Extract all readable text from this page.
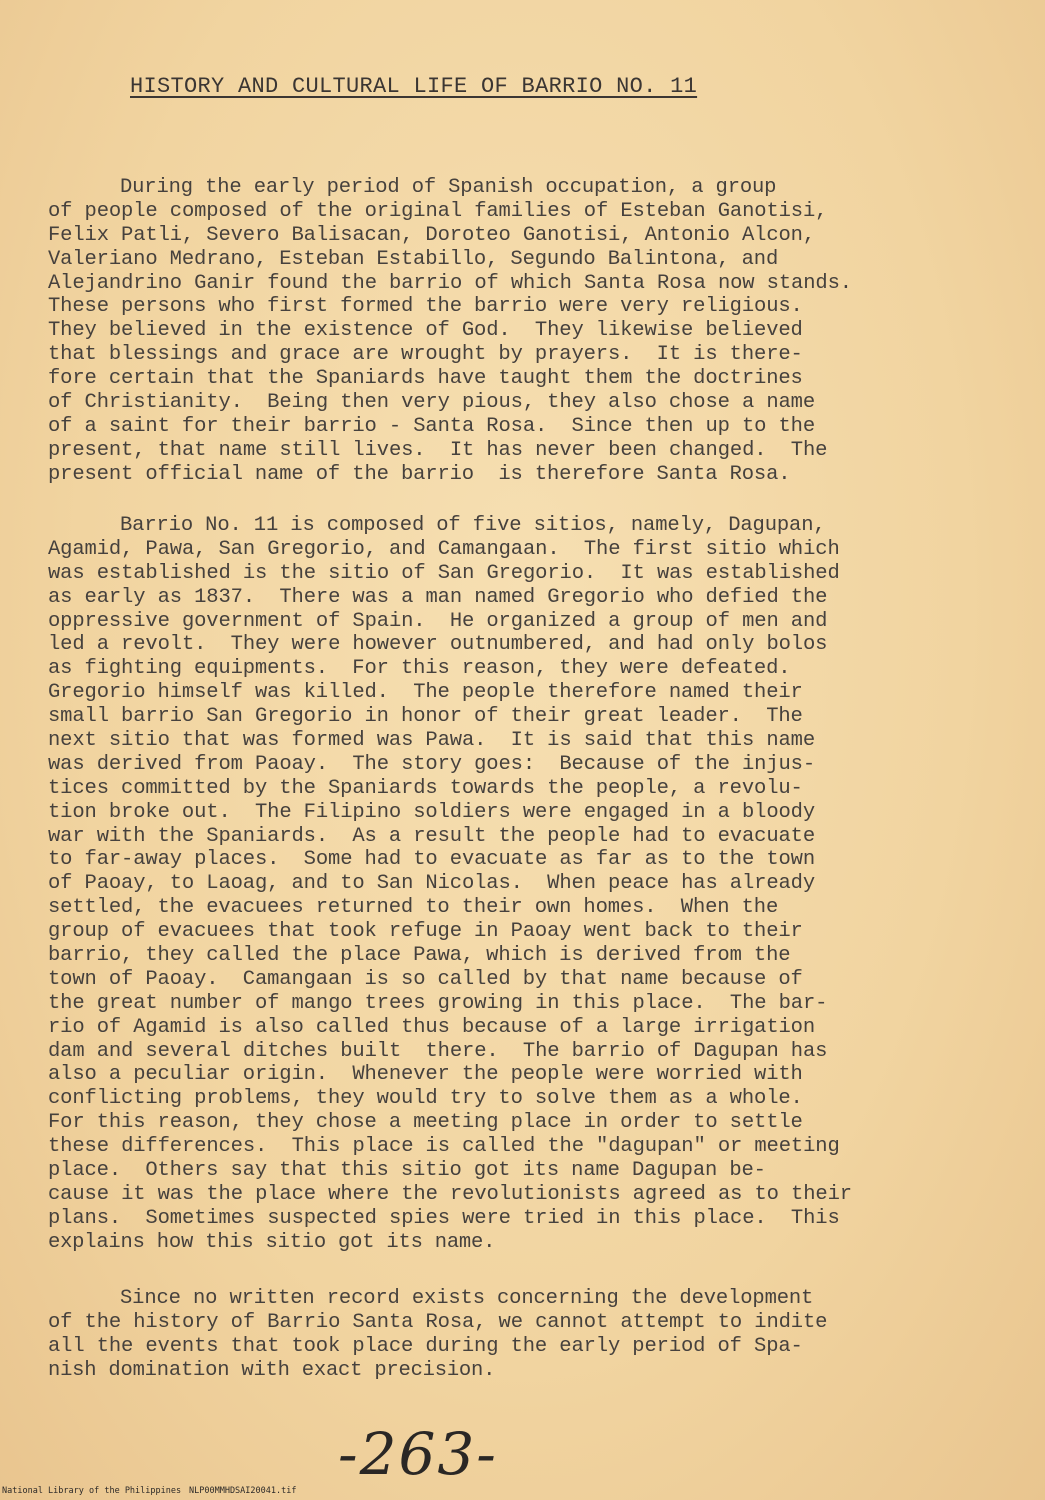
HISTORY AND CULTURAL LIFE OF BARRIO NO. 11
During the early period of Spanish occupation, a group
of people composed of the original families of Esteban Ganotisi,
Felix Patli, Severo Balisacan, Doroteo Ganotisi, Antonio Alcon,
Valeriano Medrano, Esteban Estabillo, Segundo Balintona, and
Alejandrino Ganir found the barrio of which Santa Rosa now stands.
These persons who first formed the barrio were very religious.
They believed in the existence of God.  They likewise believed
that blessings and grace are wrought by prayers.  It is there-
fore certain that the Spaniards have taught them the doctrines
of Christianity.  Being then very pious, they also chose a name
of a saint for their barrio - Santa Rosa.  Since then up to the
present, that name still lives.  It has never been changed.  The
present official name of the barrio  is therefore Santa Rosa.
Barrio No. 11 is composed of five sitios, namely, Dagupan,
Agamid, Pawa, San Gregorio, and Camangaan.  The first sitio which
was established is the sitio of San Gregorio.  It was established
as early as 1837.  There was a man named Gregorio who defied the
oppressive government of Spain.  He organized a group of men and
led a revolt.  They were however outnumbered, and had only bolos
as fighting equipments.  For this reason, they were defeated.
Gregorio himself was killed.  The people therefore named their
small barrio San Gregorio in honor of their great leader.  The
next sitio that was formed was Pawa.  It is said that this name
was derived from Paoay.  The story goes:  Because of the injus-
tices committed by the Spaniards towards the people, a revolu-
tion broke out.  The Filipino soldiers were engaged in a bloody
war with the Spaniards.  As a result the people had to evacuate
to far-away places.  Some had to evacuate as far as to the town
of Paoay, to Laoag, and to San Nicolas.  When peace has already
settled, the evacuees returned to their own homes.  When the
group of evacuees that took refuge in Paoay went back to their
barrio, they called the place Pawa, which is derived from the
town of Paoay.  Camangaan is so called by that name because of
the great number of mango trees growing in this place.  The bar-
rio of Agamid is also called thus because of a large irrigation
dam and several ditches built  there.  The barrio of Dagupan has
also a peculiar origin.  Whenever the people were worried with
conflicting problems, they would try to solve them as a whole.
For this reason, they chose a meeting place in order to settle
these differences.  This place is called the "dagupan" or meeting
place.  Others say that this sitio got its name Dagupan be-
cause it was the place where the revolutionists agreed as to their
plans.  Sometimes suspected spies were tried in this place.  This
explains how this sitio got its name.
Since no written record exists concerning the development
of the history of Barrio Santa Rosa, we cannot attempt to indite
all the events that took place during the early period of Spa-
nish domination with exact precision.
-263-
National Library of the Philippines NLP00MMHDSAI20041.tif
